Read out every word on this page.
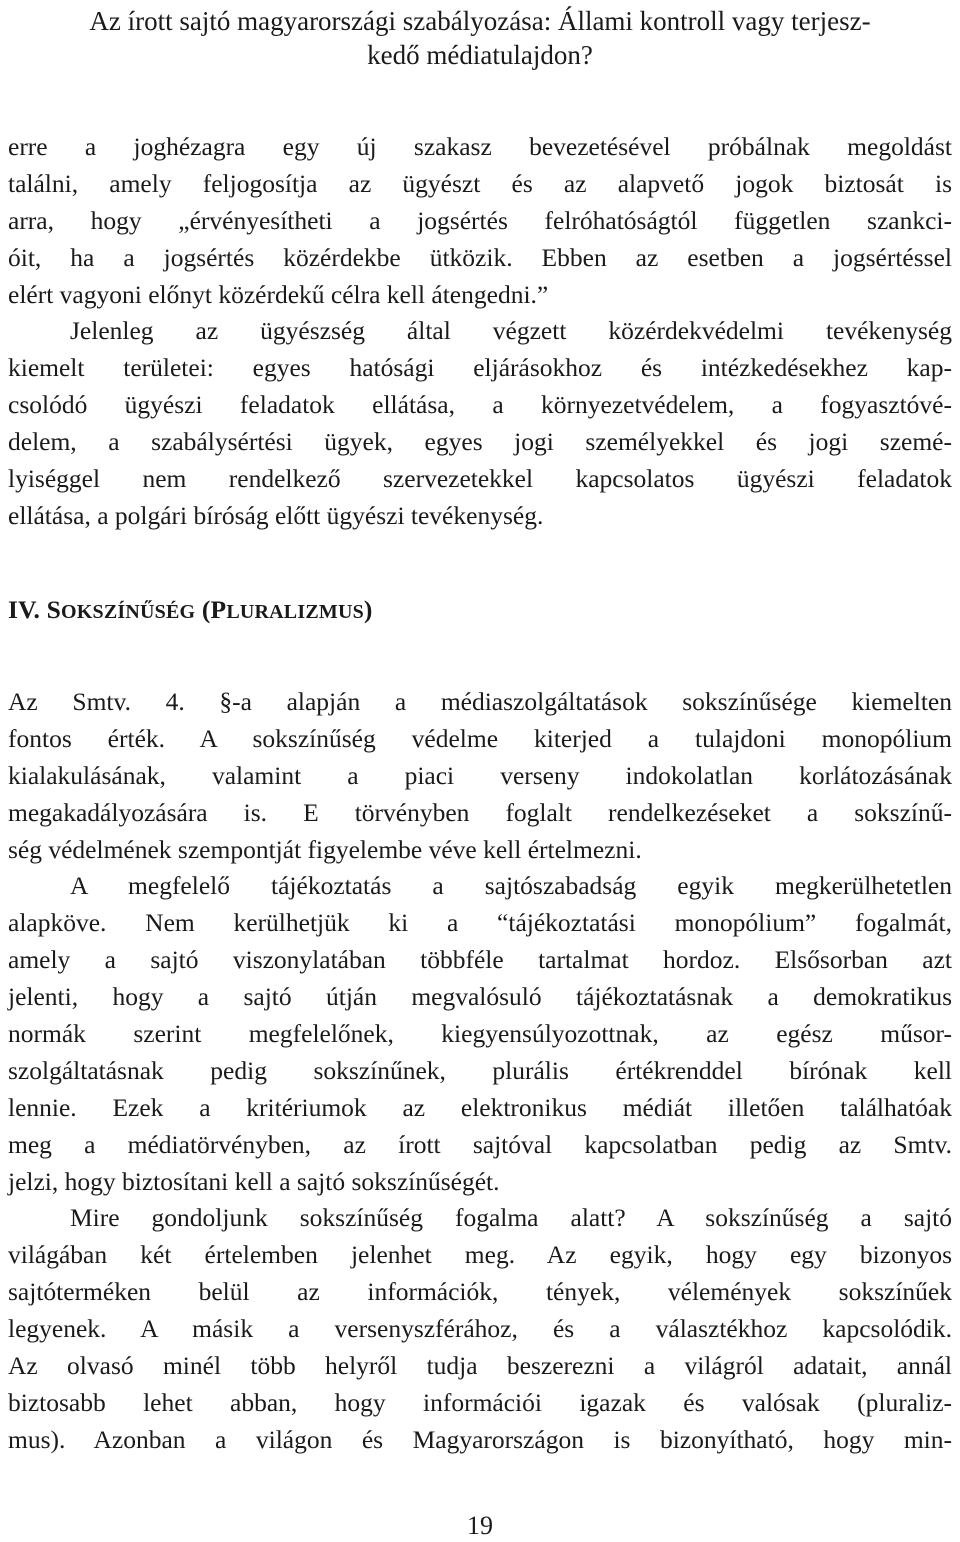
Az írott sajtó magyarországi szabályozása: Állami kontroll vagy terjesz-
kedő médiatulajdon?
erre a joghézagra egy új szakasz bevezetésével próbálnak megoldást
találni, amely feljogosítja az ügyészt és az alapvető jogok biztosát is
arra, hogy „érvényesítheti a jogsértés felróhatóságtól független szankci-
óit, ha a jogsértés közérdekbe ütközik. Ebben az esetben a jogsértéssel
elért vagyoni előnyt közérdekű célra kell átengedni.”
Jelenleg az ügyészség által végzett közérdekvédelmi tevékenység
kiemelt területei: egyes hatósági eljárásokhoz és intézkedésekhez kap-
csolódó ügyészi feladatok ellátása, a környezetvédelem, a fogyasztóvé-
delem, a szabálysértési ügyek, egyes jogi személyekkel és jogi szemé-
lyiséggel nem rendelkező szervezetekkel kapcsolatos ügyészi feladatok
ellátása, a polgári bíróság előtt ügyészi tevékenység.
IV. SOKSZÍNŰSÉG (PLURALIZMUS)
Az Smtv. 4. §-a alapján a médiaszolgáltatások sokszínűsége kiemelten
fontos érték. A sokszínűség védelme kiterjed a tulajdoni monopólium
kialakulásának, valamint a piaci verseny indokolatlan korlátozásának
megakadályozására is. E törvényben foglalt rendelkezéseket a sokszínű-
ség védelmének szempontját figyelembe véve kell értelmezni.
A megfelelő tájékoztatás a sajtószabadság egyik megkerülhetetlen
alapköve. Nem kerülhetjük ki a “tájékoztatási monopólium” fogalmát,
amely a sajtó viszonylatában többféle tartalmat hordoz. Elsősorban azt
jelenti, hogy a sajtó útján megvalósuló tájékoztatásnak a demokratikus
normák szerint megfelelőnek, kiegyensúlyozottnak, az egész műsor-
szolgáltatásnak pedig sokszínűnek, plurális értékrenddel bírónak kell
lennie. Ezek a kritériumok az elektronikus médiát illetően találhatóak
meg a médiatörvényben, az írott sajtóval kapcsolatban pedig az Smtv.
jelzi, hogy biztosítani kell a sajtó sokszínűségét.
Mire gondoljunk sokszínűség fogalma alatt? A sokszínűség a sajtó
világában két értelemben jelenhet meg. Az egyik, hogy egy bizonyos
sajtóterméken belül az információk, tények, vélemények sokszínűek
legyenek. A másik a versenyszférához, és a választékhoz kapcsolódik.
Az olvasó minél több helyről tudja beszerezni a világról adatait, annál
biztosabb lehet abban, hogy információi igazak és valósak (pluraliz-
mus). Azonban a világon és Magyarországon is bizonyítható, hogy min-
19
